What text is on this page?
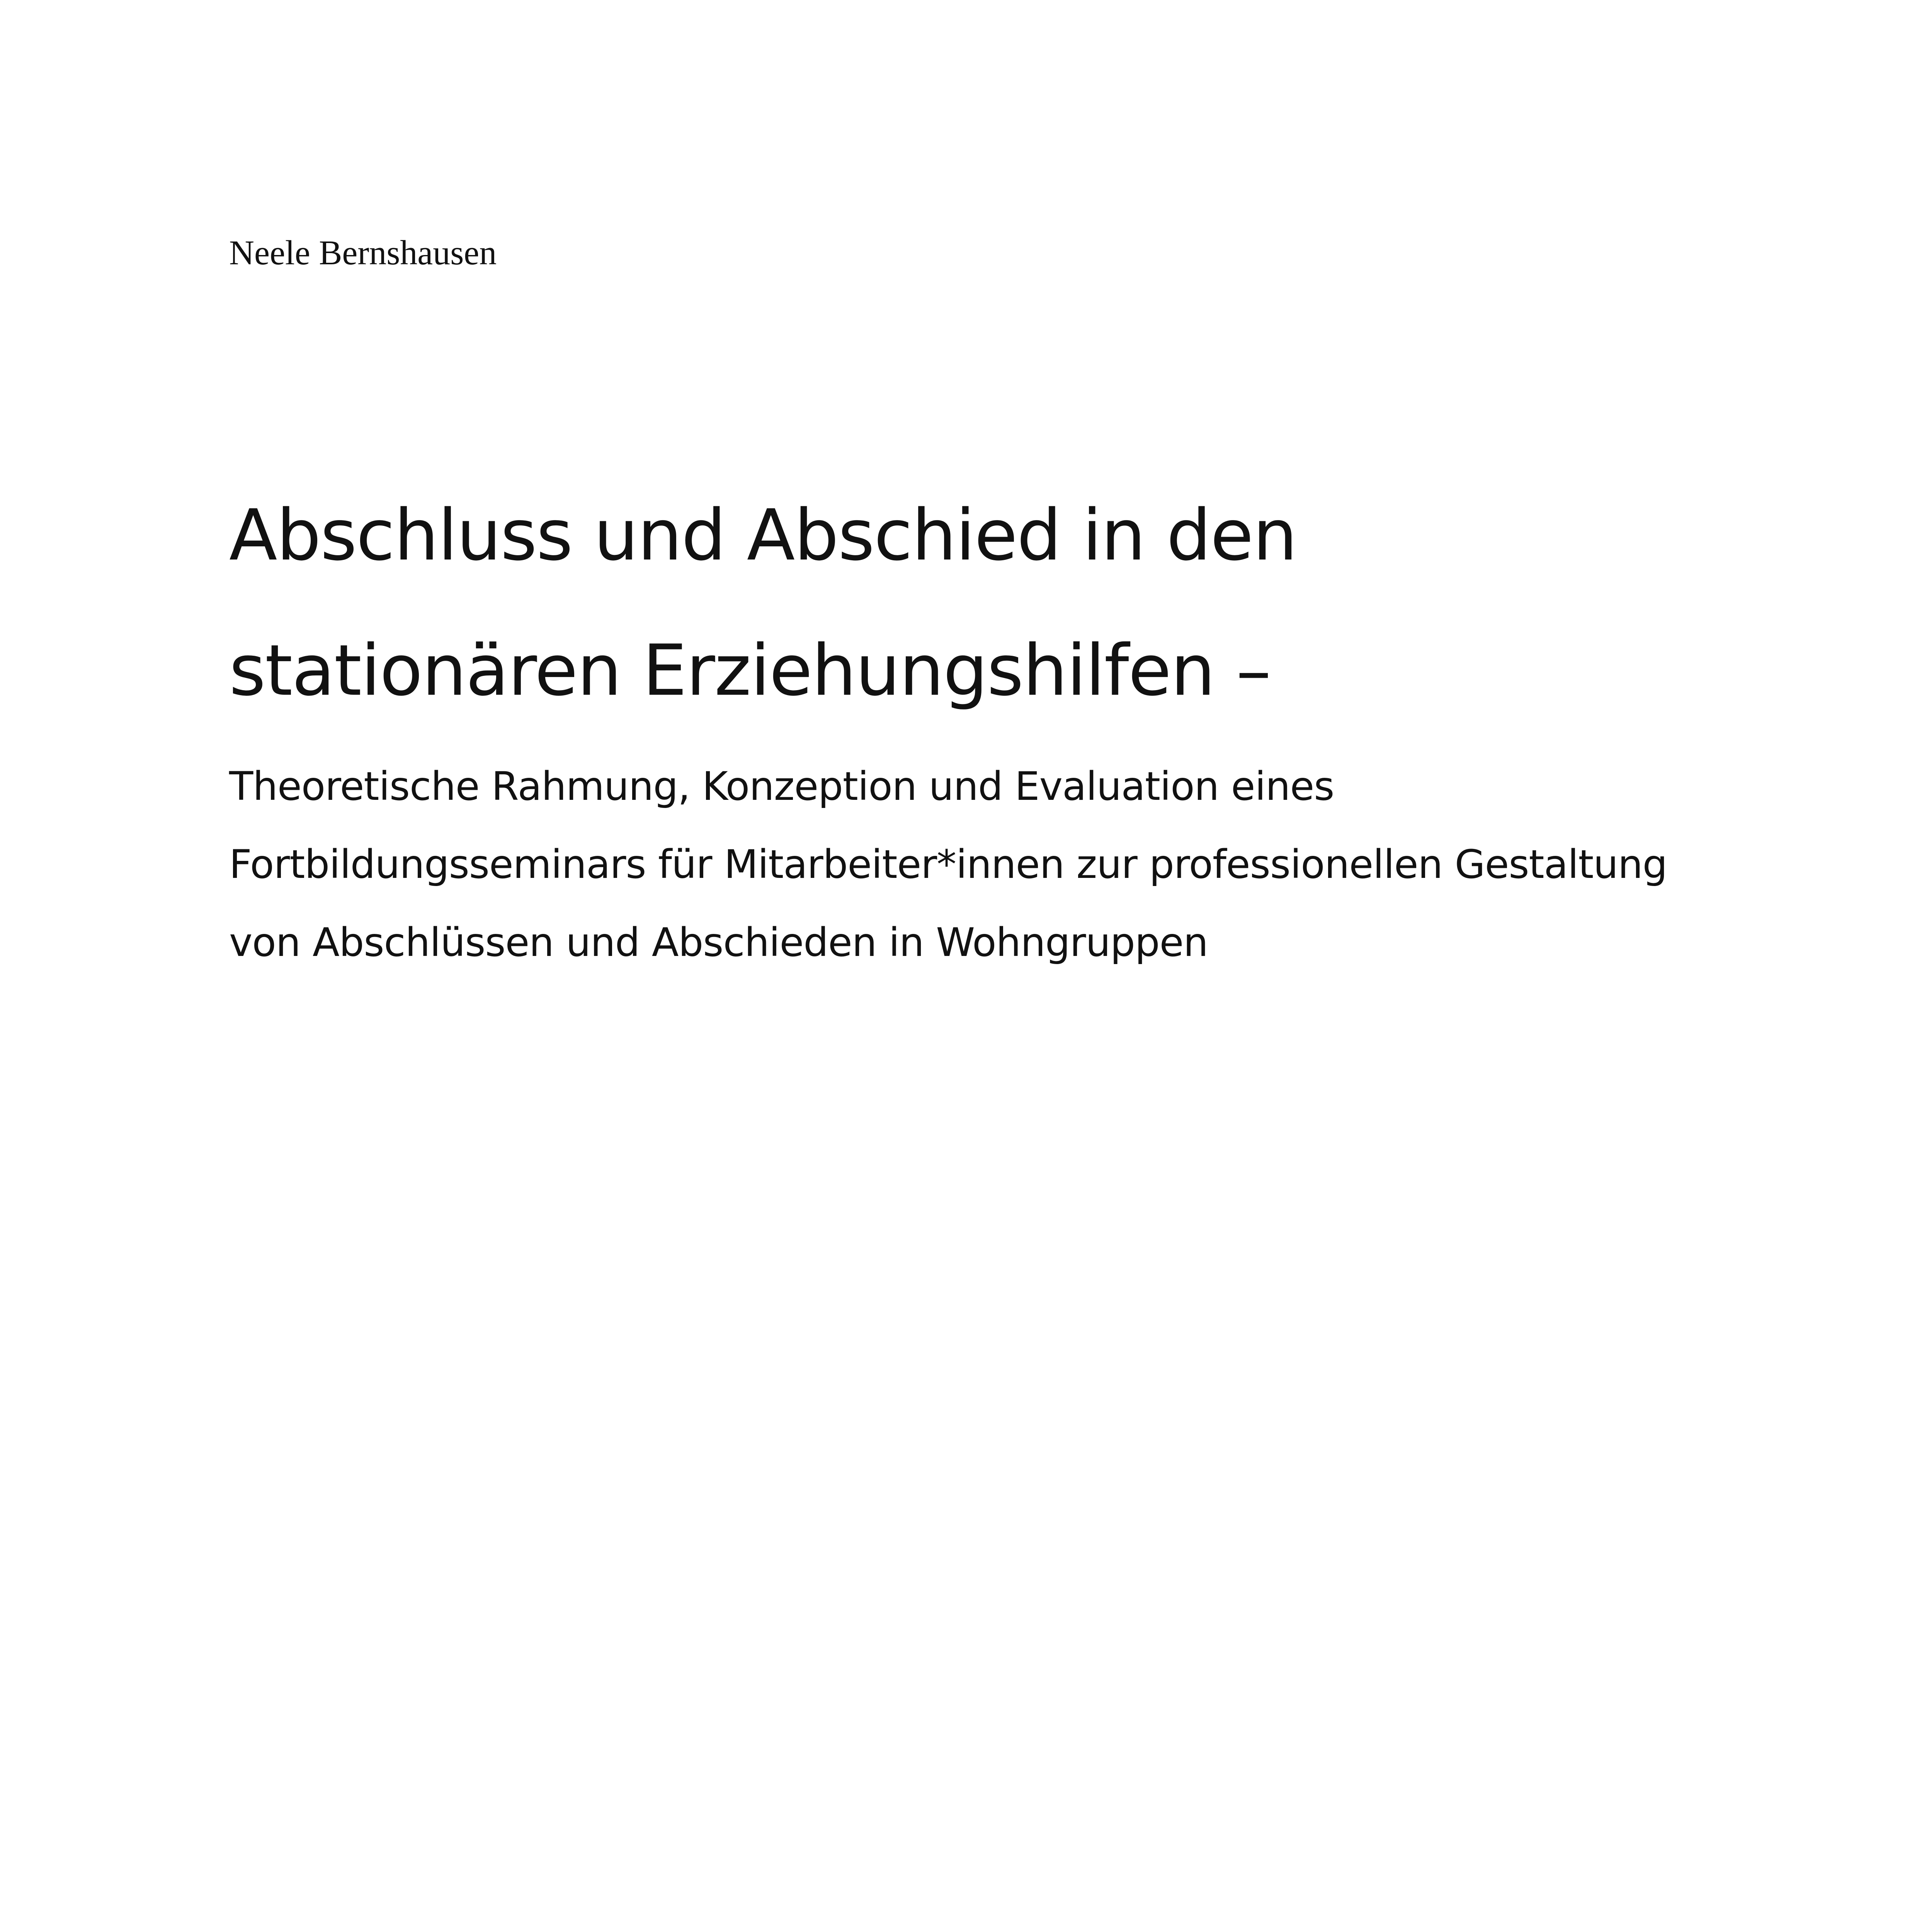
Neele Bernshausen

Abschluss und Abschied in den
stationären Erziehungshilfen –
Theoretische Rahmung, Konzeption und Evaluation eines
Fortbildungsseminars für Mitarbeiter*innen zur professionellen Gestaltung
von Abschlüssen und Abschieden in Wohngruppen
